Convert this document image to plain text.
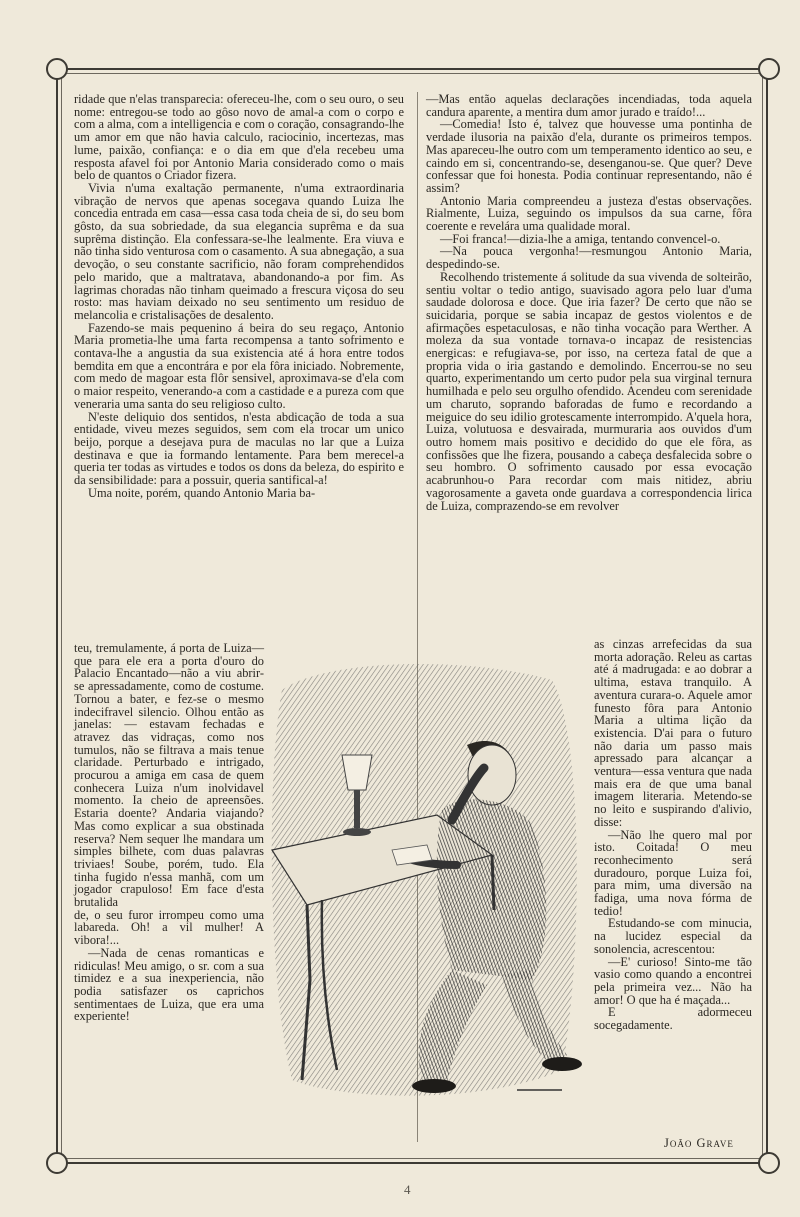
ridade que n'elas transparecia: ofereceu-lhe, com o seu ouro, o seu nome: entregou-se todo ao gôso novo de amal-a com o corpo e com a alma, com a intelligencia e com o coração, consagrando-lhe um amor em que não havia calculo, raciocinio, incertezas, mas lume, paixão, confiança: e o dia em que d'ela recebeu uma resposta afavel foi por Antonio Maria considerado como o mais belo de quantos o Criador fizera.

Vivia n'uma exaltação permanente, n'uma extraordinaria vibração de nervos que apenas socegava quando Luiza lhe concedia entrada em casa—essa casa toda cheia de si, do seu bom gôsto, da sua sobriedade, da sua elegancia suprêma e da sua suprêma distinção. Ela confessara-se-lhe lealmente. Era viuva e não tinha sido venturosa com o casamento. A sua abnegação, a sua devoção, o seu constante sacrificio, não foram comprehendidos pelo marido, que a maltratava, abandonando-a por fim. As lagrimas choradas não tinham queimado a frescura viçosa do seu rosto: mas haviam deixado no seu sentimento um residuo de melancolia e cristalisações de desalento.

Fazendo-se mais pequenino á beira do seu regaço, Antonio Maria prometia-lhe uma farta recompensa a tanto sofrimento e contava-lhe a angustia da sua existencia até á hora entre todos bemdita em que a encontrára e por ela fôra iniciado. Nobremente, com medo de magoar esta flôr sensivel, aproximava-se d'ela com o maior respeito, venerando-a com a castidade e a pureza com que veneraria uma santa do seu religioso culto.

N'este deliquio dos sentidos, n'esta abdicação de toda a sua entidade, viveu mezes seguidos, sem com ela trocar um unico beijo, porque a desejava pura de maculas no lar que a Luiza destinava e que ia formando lentamente. Para bem merecel-a queria ter todas as virtudes e todos os dons da beleza, do espirito e da sensibilidade: para a possuir, queria santifical-a!

Uma noite, porém, quando Antonio Maria ba-

teu, tremulamente, á porta de Luiza—que para ele era a porta d'ouro do Palacio Encantado—não a viu abrir-se apressadamente, como de costume. Tornou a bater, e fez-se o mesmo indecifravel silencio. Olhou então as janelas: — estavam fechadas e atravez das vidraças, como nos tumulos, não se filtrava a mais tenue claridade. Perturbado e intrigado, procurou a amiga em casa de quem conhecera Luiza n'um inolvidavel momento. Ia cheio de apreensões. Estaria doente? Andaria viajando? Mas como explicar a sua obstinada reserva? Nem sequer lhe mandara um simples bilhete, com duas palavras triviaes! Soube, porém, tudo. Ela tinha fugido n'essa manhã, com um jogador crapuloso! Em face d'esta brutalida

de, o seu furor irrompeu como uma labareda. Oh! a vil mulher! A vibora!...

—Nada de cenas romanticas e ridiculas! Meu amigo, o sr. com a sua timidez e a sua inexperiencia, não podia satisfazer os caprichos sentimentaes de Luiza, que era uma experiente!

—Mas então aquelas declarações incendiadas, toda aquela candura aparente, a mentira dum amor jurado e traído!...

—Comedia! Isto é, talvez que houvesse uma pontinha de verdade ilusoria na paixão d'ela, durante os primeiros tempos. Mas apareceu-lhe outro com um temperamento identico ao seu, e caindo em si, concentrando-se, desenganou-se. Que quer? Deve confessar que foi honesta. Podia continuar representando, não é assim?

Antonio Maria compreendeu a justeza d'estas observações. Rialmente, Luiza, seguindo os impulsos da sua carne, fôra coerente e revelára uma qualidade moral.

—Foi franca!—dizia-lhe a amiga, tentando convencel-o.

—Na pouca vergonha!—resmungou Antonio Maria, despedindo-se.

Recolhendo tristemente á solitude da sua vivenda de solteirão, sentiu voltar o tedio antigo, suavisado agora pelo luar d'uma saudade dolorosa e doce. Que iria fazer? De certo que não se suicidaria, porque se sabia incapaz de gestos violentos e de afirmações espetaculosas, e não tinha vocação para Werther. A moleza da sua vontade tornava-o incapaz de resistencias energicas: e refugiava-se, por isso, na certeza fatal de que a propria vida o iria gastando e demolindo. Encerrou-se no seu quarto, experimentando um certo pudor pela sua virginal ternura humilhada e pelo seu orgulho ofendido. Acendeu com serenidade um charuto, soprando baforadas de fumo e recordando a meiguice do seu idilio grotescamente interrompido. A'quela hora, Luiza, volutuosa e desvairada, murmuraria aos ouvidos d'um outro homem mais positivo e decidido do que ele fôra, as confissões que lhe fizera, pousando a cabeça desfalecida sobre o seu hombro. O sofrimento causado por essa evocação acabrunhou-o Para recordar com mais nitidez, abriu vagorosamente a gaveta onde guardava a correspondencia lirica de Luiza, comprazendo-se em revolver

as cinzas arrefecidas da sua morta adoração. Releu as cartas até á madrugada: e ao dobrar a ultima, estava tranquilo. A aventura curara-o. Aquele amor funesto fôra para Antonio Maria a ultima lição da existencia. D'ai para o futuro não daria um passo mais apressado para alcançar a ventura—essa ventura que nada mais era de que uma banal imagem literaria. Metendo-se no leito e suspirando d'alivio, disse:

—Não lhe quero mal por isto. Coitada! O meu reconhecimento será duradouro, porque Luiza foi, para mim, uma diversão na fadiga, uma nova fórma de tedio!

Estudando-se com minucia, na lucidez especial da sonolencia, acrescentou:

—E' curioso! Sinto-me tão vasio como quando a encontrei pela primeira vez... Não ha amor! O que ha é maçada...

E adormeceu socegadamente.

João Grave
4
